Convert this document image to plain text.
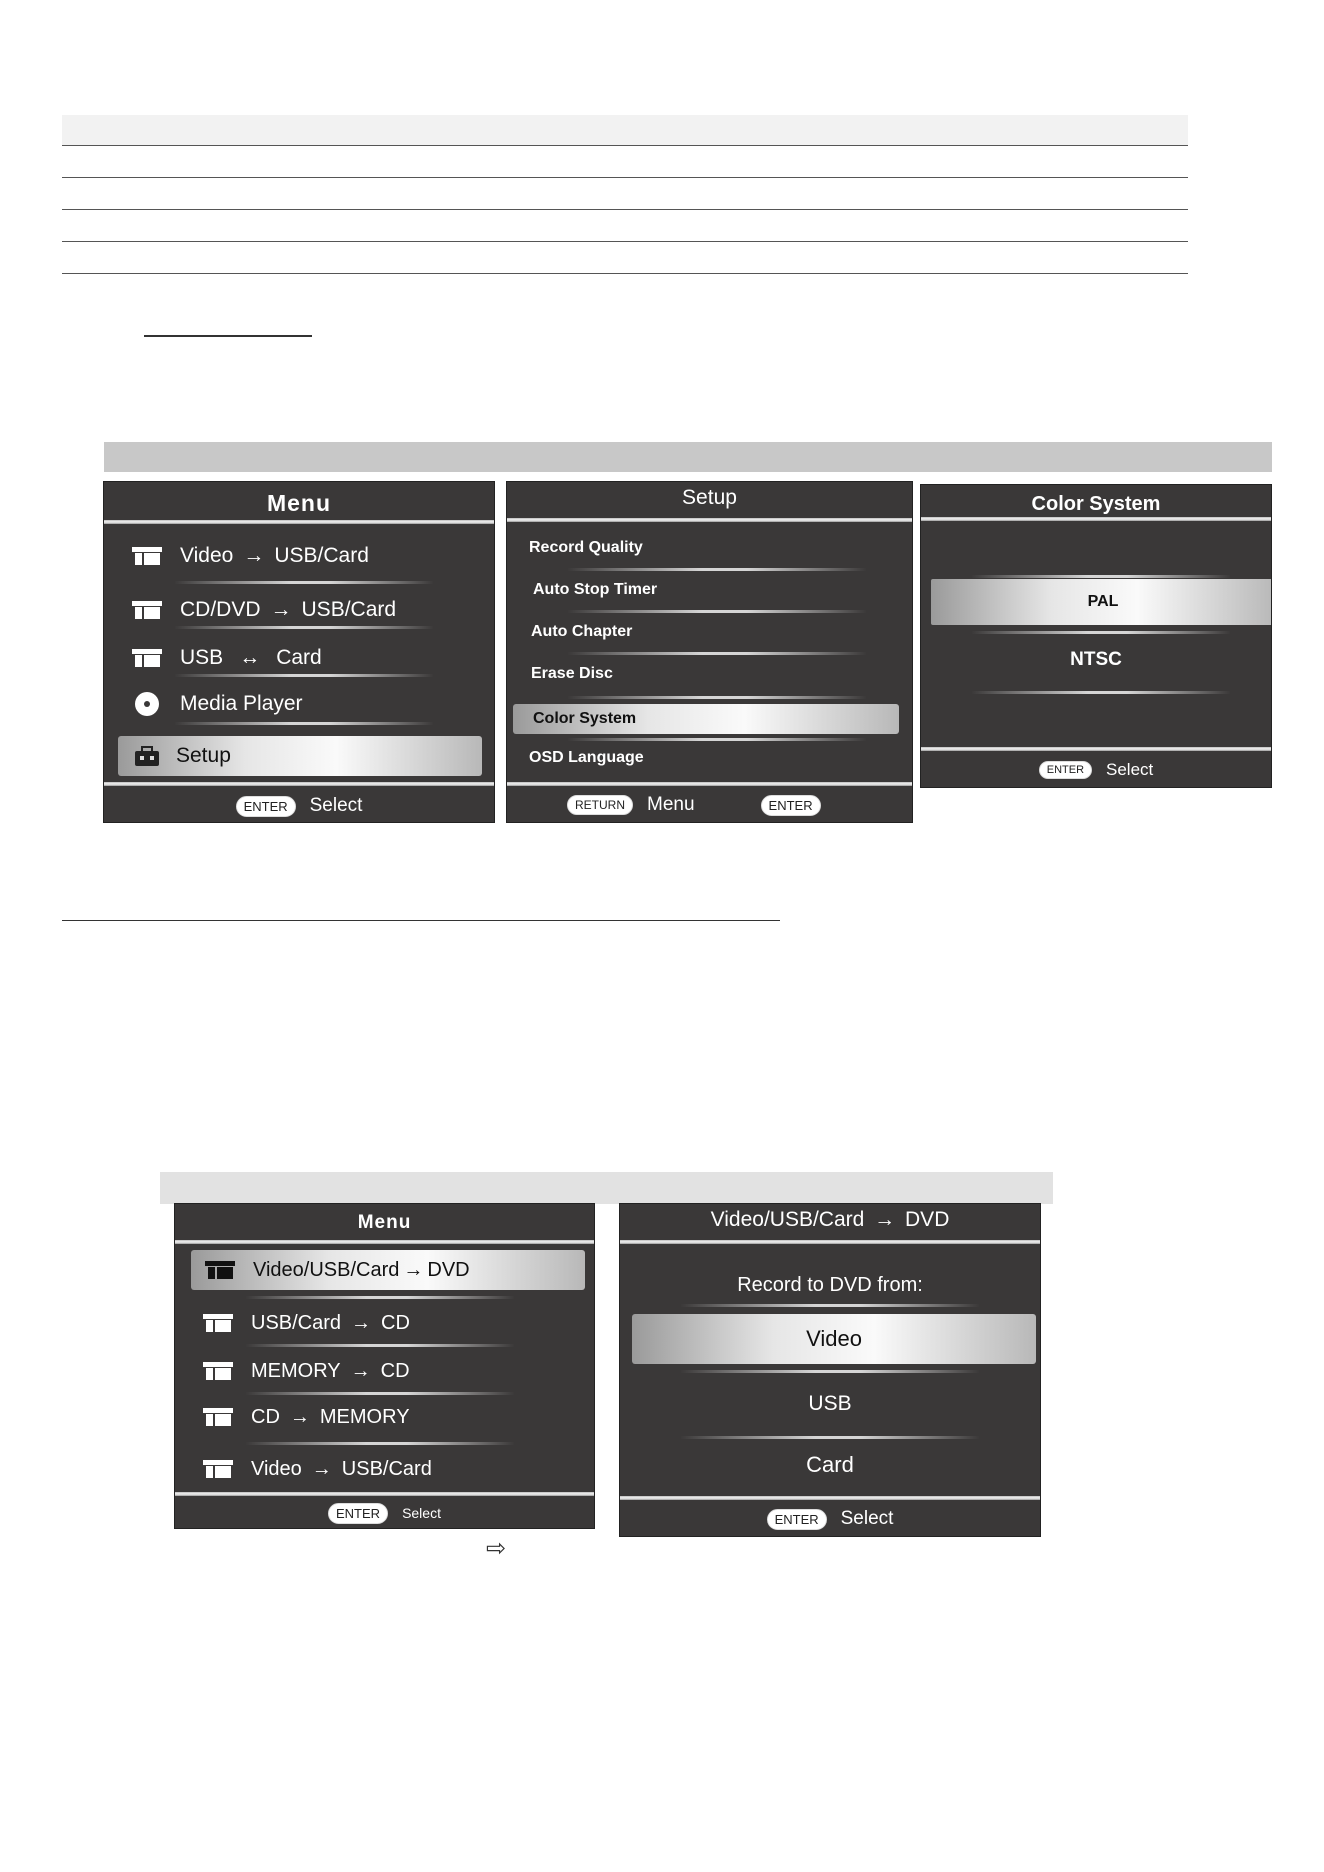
Menu
Video → USB/Card
CD/DVD → USB/Card
USB ↔ Card
Media Player
Setup
ENTER	Select
Setup
Record Quality
Auto Stop Timer
Auto Chapter
Erase Disc
Color System
OSD Language
RETURN	Menu	ENTER
Color System
PAL
NTSC
ENTER	Select
Menu
Video/USB/Card → DVD
USB/Card → CD
MEMORY → CD
CD → MEMORY
Video → USB/Card
ENTER	Select
Video/USB/Card → DVD
Record to DVD from:
Video
USB
Card
ENTER	Select
⇨
